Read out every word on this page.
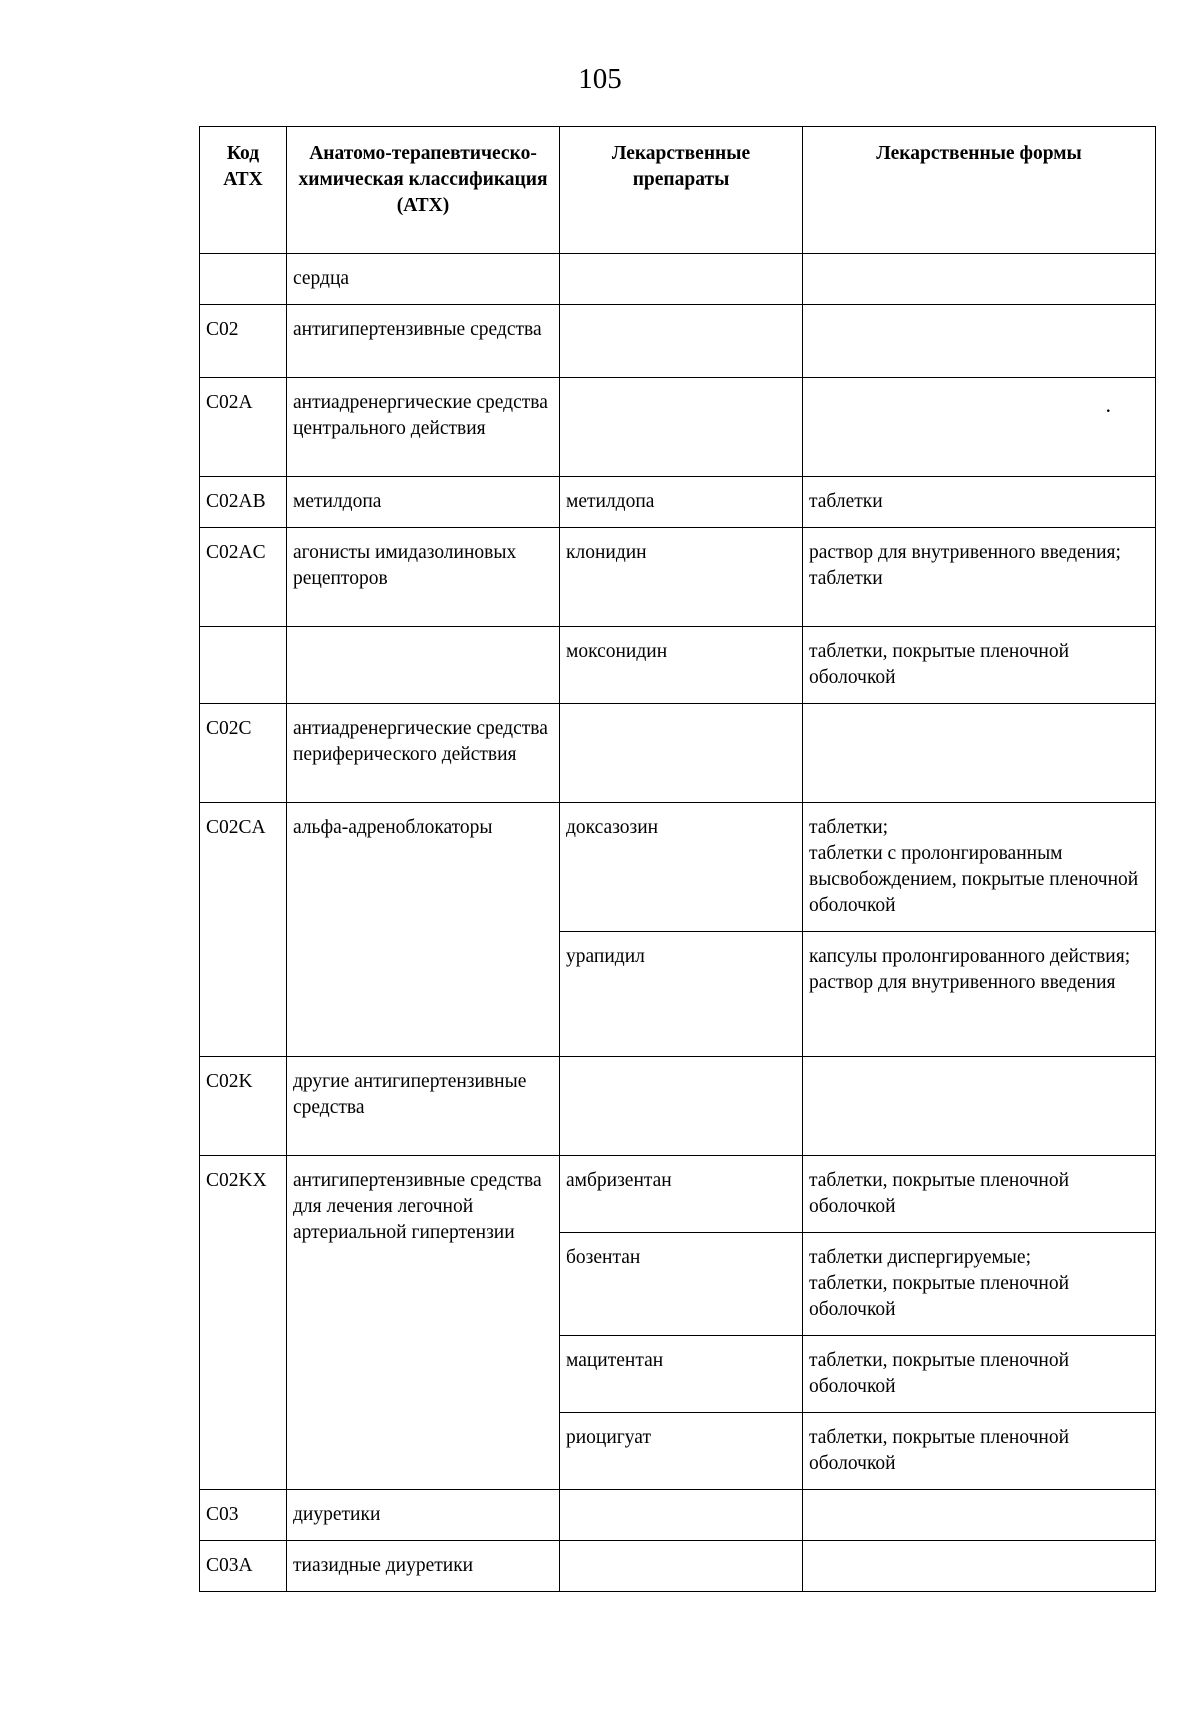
105
Код АТХ	Анатомо-терапевтическо-химическая классификация (АТХ)	Лекарственные препараты	Лекарственные формы
	сердца		
C02	антигипертензивные средства		
C02A	антиадренергические средства центрального действия		.

C02AB	метилдопа	метилдопа	таблетки
C02AC	агонисты имидазолиновых рецепторов	клонидин	раствор для внутривенного введения;
таблетки
		моксонидин	таблетки, покрытые пленочной оболочкой
C02C	антиадренергические средства периферического действия		
C02CA	альфа-адреноблокаторы	доксазозин	таблетки;
таблетки с пролонгированным высвобождением, покрытые пленочной оболочкой
		урапидил	капсулы пролонгированного действия;
раствор для внутривенного введения
C02K	другие антигипертензивные средства		
C02KX	антигипертензивные средства для лечения легочной артериальной гипертензии	амбризентан	таблетки, покрытые пленочной оболочкой
		бозентан	таблетки диспергируемые;
таблетки, покрытые пленочной оболочкой
		мацитентан	таблетки, покрытые пленочной оболочкой
		риоцигуат	таблетки, покрытые пленочной оболочкой
C03	диуретики		
C03A	тиазидные диуретики		
